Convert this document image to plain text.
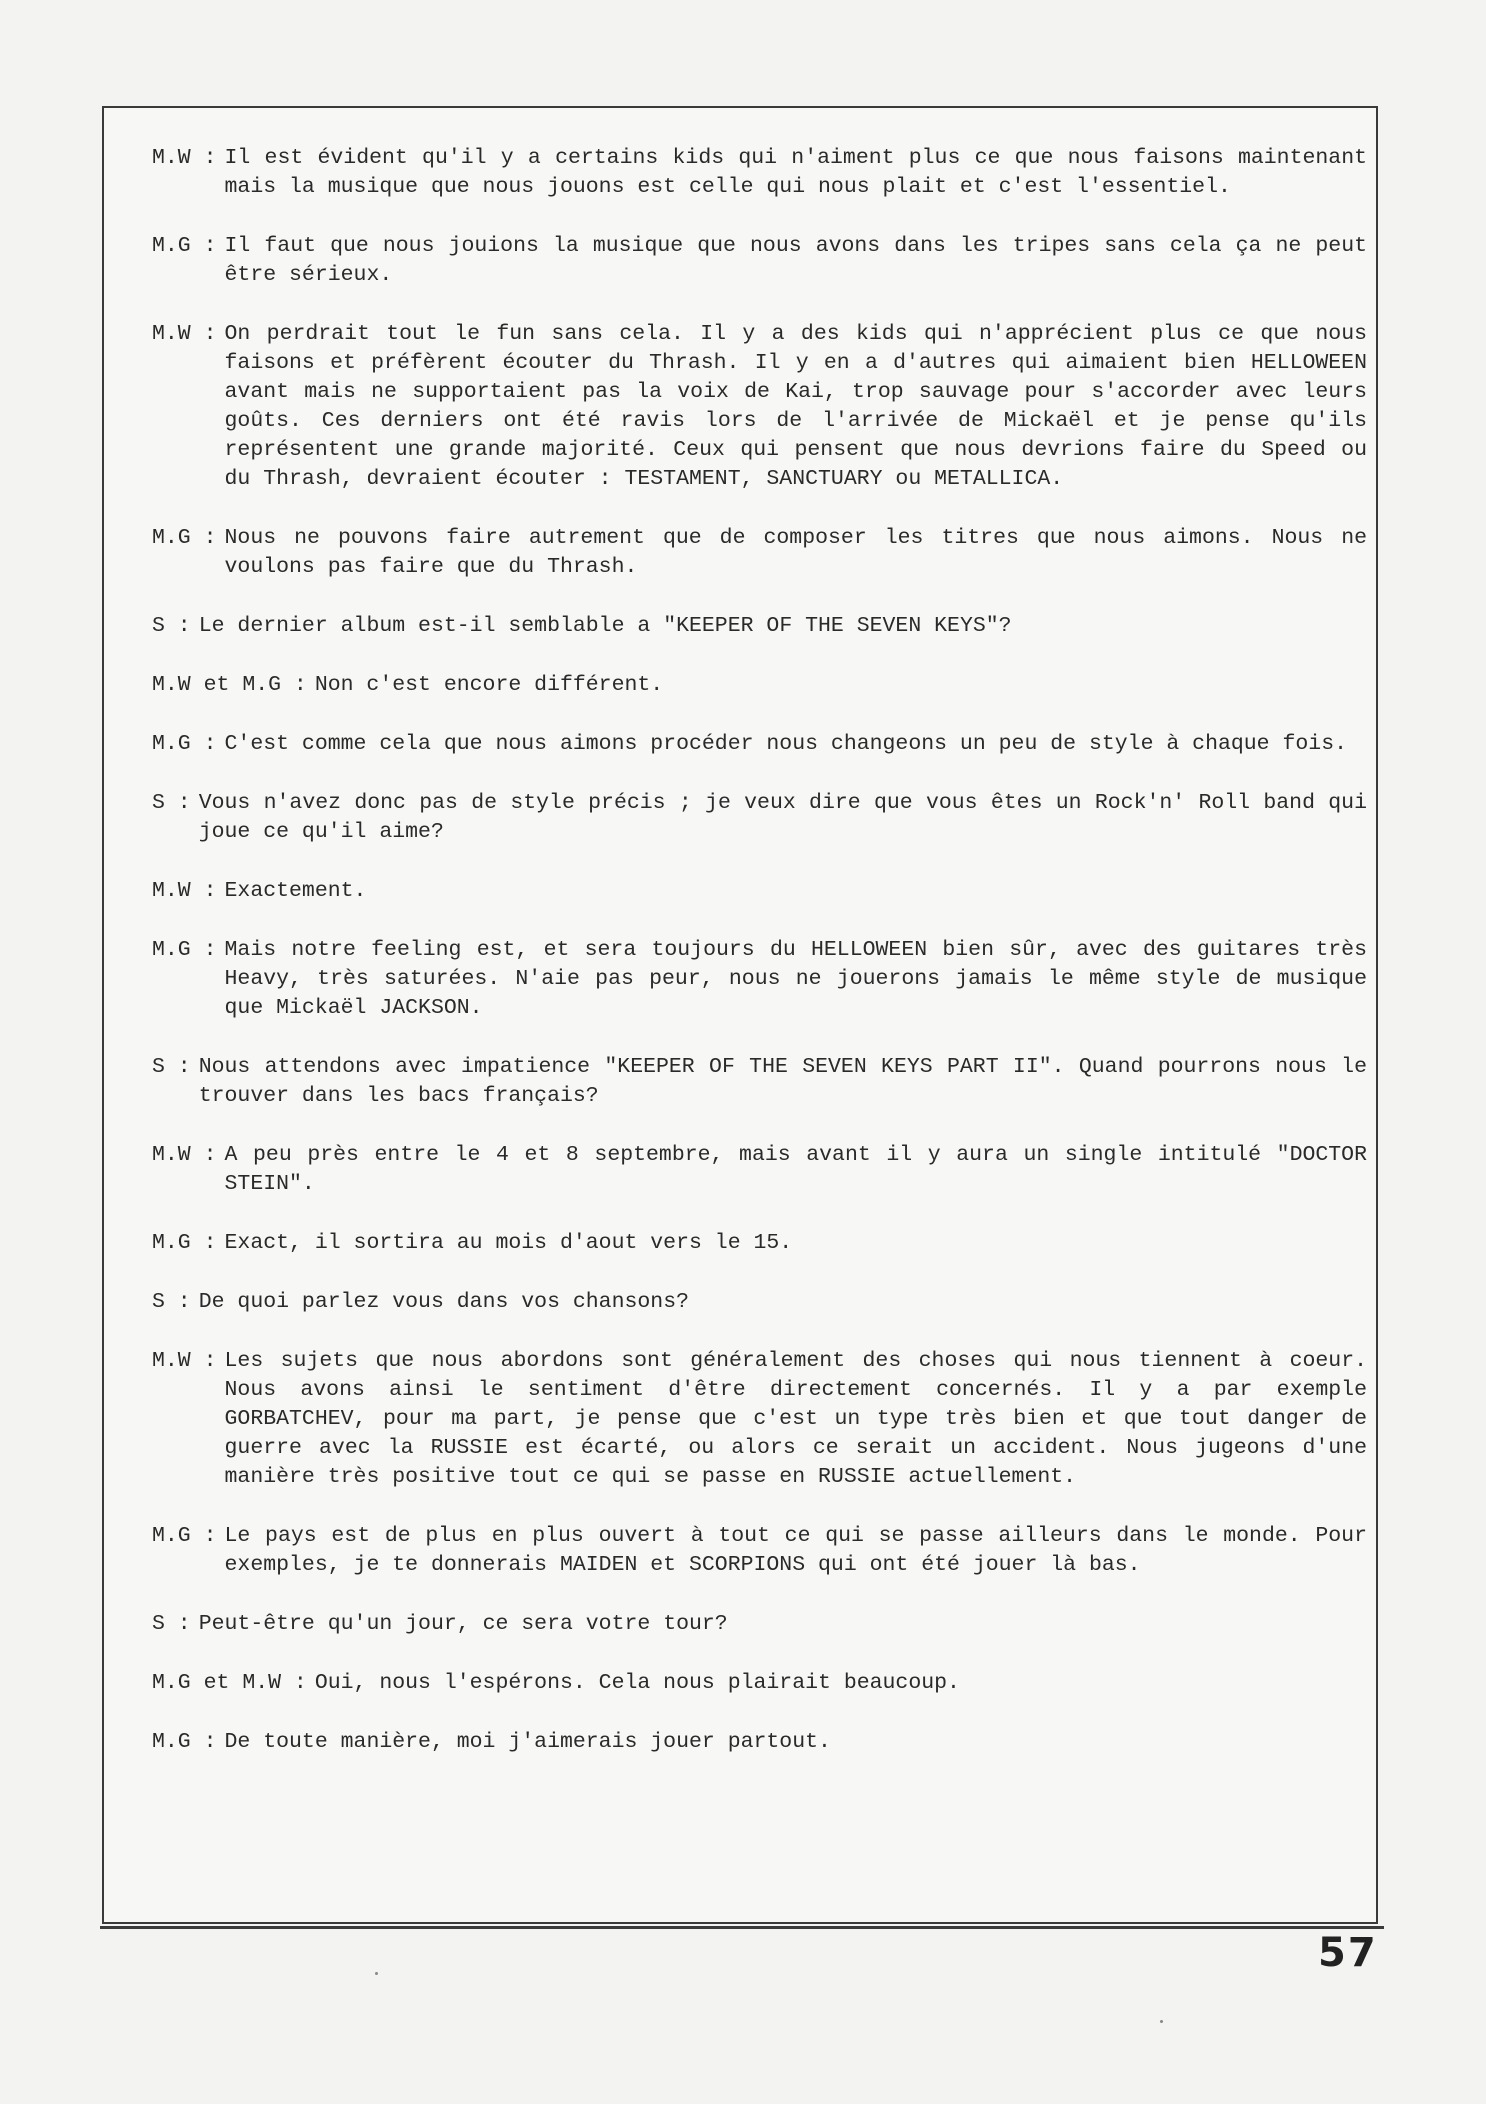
M.W : Il est évident qu'il y a certains kids qui n'aiment plus ce que nous faisons maintenant mais la musique que nous jouons est celle qui nous plait et c'est l'essentiel.
M.G : Il faut que nous jouions la musique que nous avons dans les tripes sans cela ça ne peut être sérieux.
M.W : On perdrait tout le fun sans cela. Il y a des kids qui n'apprécient plus ce que nous faisons et préfèrent écouter du Thrash. Il y en a d'autres qui aimaient bien HELLOWEEN avant mais ne supportaient pas la voix de Kai, trop sauvage pour s'accorder avec leurs goûts. Ces derniers ont été ravis lors de l'arrivée de Mickaël et je pense qu'ils représentent une grande majorité. Ceux qui pensent que nous devrions faire du Speed ou du Thrash, devraient écouter : TESTAMENT, SANCTUARY ou METALLICA.
M.G : Nous ne pouvons faire autrement que de composer les titres que nous aimons. Nous ne voulons pas faire que du Thrash.
S : Le dernier album est-il semblable a "KEEPER OF THE SEVEN KEYS"?
M.W et M.G : Non c'est encore différent.
M.G : C'est comme cela que nous aimons procéder nous changeons un peu de style à chaque fois.
S : Vous n'avez donc pas de style précis ; je veux dire que vous êtes un Rock'n' Roll band qui joue ce qu'il aime?
M.W : Exactement.
M.G : Mais notre feeling est, et sera toujours du HELLOWEEN bien sûr, avec des guitares très Heavy, très saturées. N'aie pas peur, nous ne jouerons jamais le même style de musique que Mickaël JACKSON.
S : Nous attendons avec impatience "KEEPER OF THE SEVEN KEYS PART II". Quand pourrons nous le trouver dans les bacs français?
M.W : A peu près entre le 4 et 8 septembre, mais avant il y aura un single intitulé "DOCTOR STEIN".
M.G : Exact, il sortira au mois d'aout vers le 15.
S : De quoi parlez vous dans vos chansons?
M.W : Les sujets que nous abordons sont généralement des choses qui nous tiennent à coeur. Nous avons ainsi le sentiment d'être directement concernés. Il y a par exemple GORBATCHEV, pour ma part, je pense que c'est un type très bien et que tout danger de guerre avec la RUSSIE est écarté, ou alors ce serait un accident. Nous jugeons d'une manière très positive tout ce qui se passe en RUSSIE actuellement.
M.G : Le pays est de plus en plus ouvert à tout ce qui se passe ailleurs dans le monde. Pour exemples, je te donnerais MAIDEN et SCORPIONS qui ont été jouer là bas.
S : Peut-être qu'un jour, ce sera votre tour?
M.G et M.W : Oui, nous l'espérons. Cela nous plairait beaucoup.
M.G : De toute manière, moi j'aimerais jouer partout.
57
